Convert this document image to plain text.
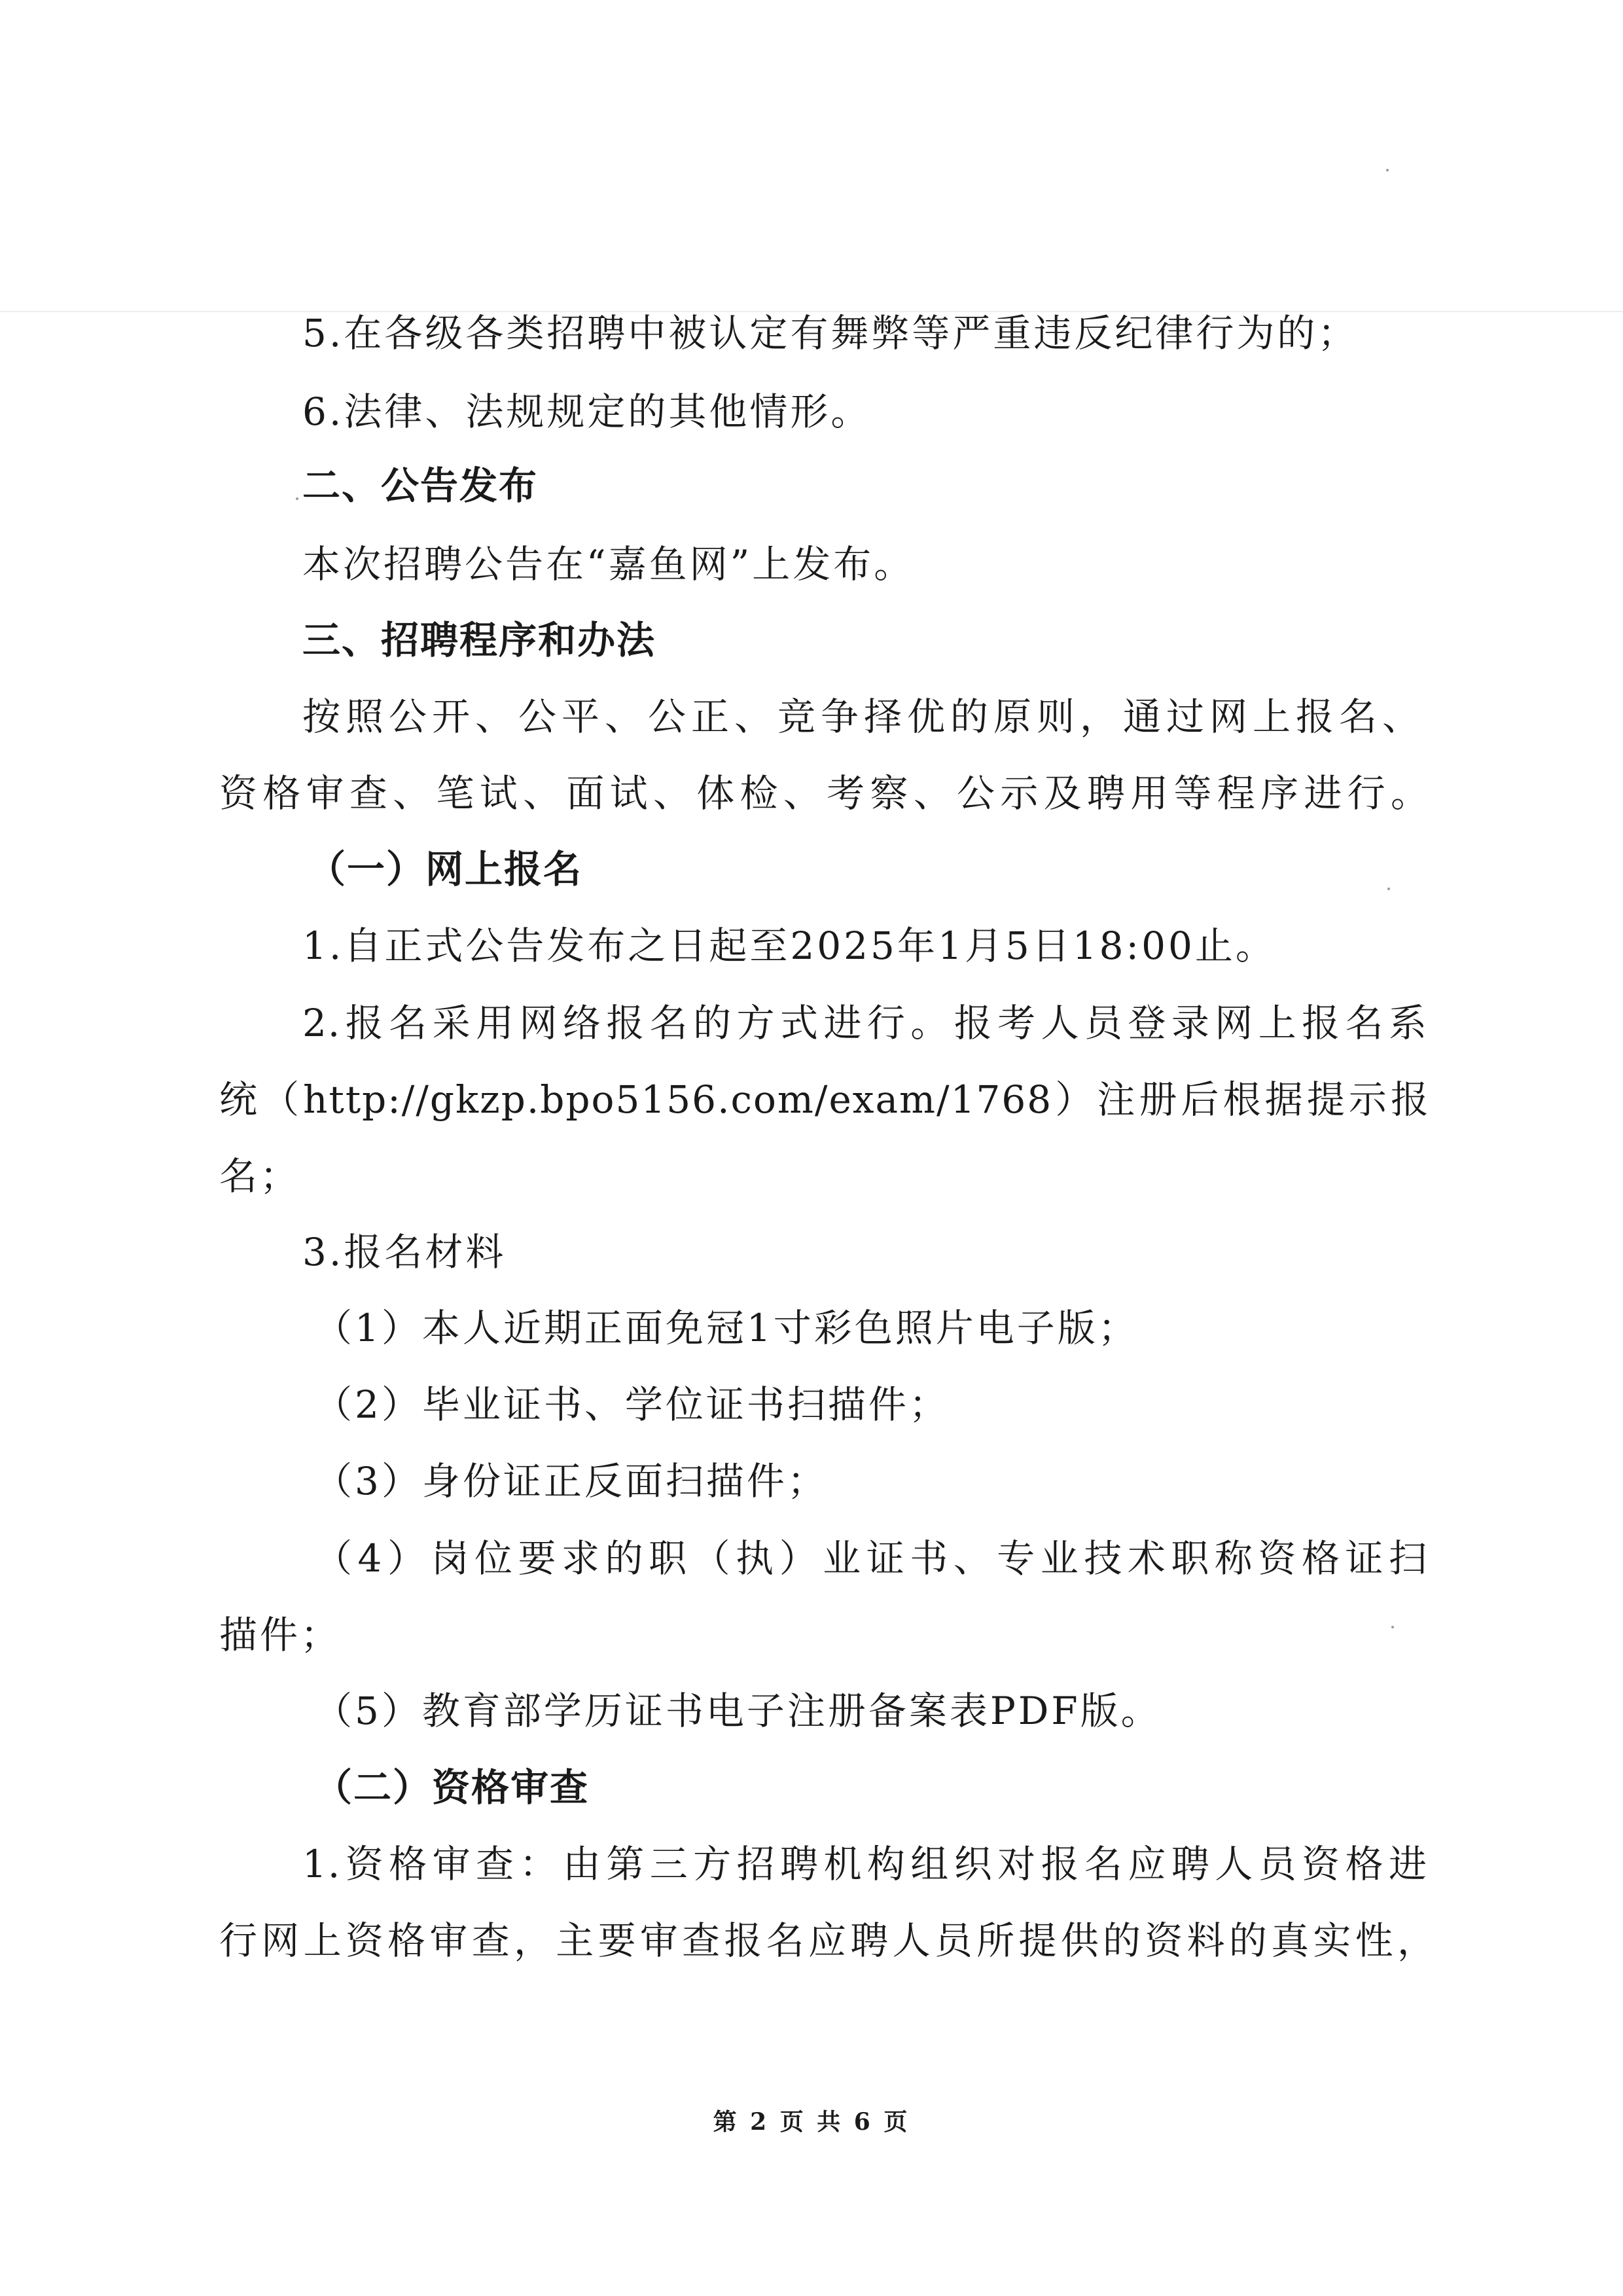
5.在各级各类招聘中被认定有舞弊等严重违反纪律行为的；
6.法律、法规规定的其他情形。
二、公告发布
本次招聘公告在“嘉鱼网”上发布。
三、招聘程序和办法
按照公开、公平、公正、竞争择优的原则，通过网上报名、
资格审查、笔试、面试、体检、考察、公示及聘用等程序进行。
（一）网上报名
1.自正式公告发布之日起至2025年1月5日18:00止。
2.报名采用网络报名的方式进行。报考人员登录网上报名系
统（http://gkzp.bpo5156.com/exam/1768）注册后根据提示报
名；
3.报名材料
（1）本人近期正面免冠1寸彩色照片电子版；
（2）毕业证书、学位证书扫描件；
（3）身份证正反面扫描件；
（4）岗位要求的职（执）业证书、专业技术职称资格证扫
描件；
（5）教育部学历证书电子注册备案表PDF版。
（二）资格审查
1.资格审查：由第三方招聘机构组织对报名应聘人员资格进
行网上资格审查，主要审查报名应聘人员所提供的资料的真实性，
第 2 页 共 6 页
